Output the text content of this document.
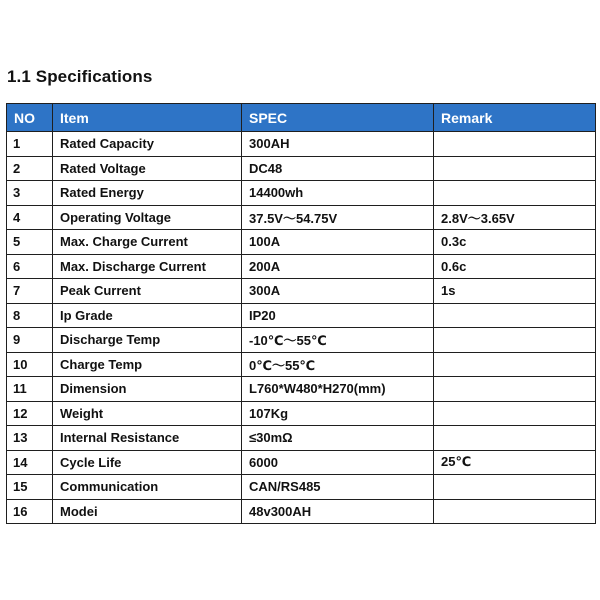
1.1 Specifications
NO	Item	SPEC	Remark
1	Rated Capacity	300AH	
2	Rated Voltage	DC48	
3	Rated Energy	14400wh	
4	Operating Voltage	37.5V〜54.75V	2.8V〜3.65V
5	Max. Charge Current	100A	0.3c
6	Max. Discharge Current	200A	0.6c
7	Peak Current	300A	1s
8	Ip Grade	IP20	
9	Discharge Temp	-10℃〜55℃	
10	Charge Temp	0℃〜55℃	
11	Dimension	L760*W480*H270(mm)	
12	Weight	107Kg	
13	Internal Resistance	≤30mΩ	
14	Cycle Life	6000	25℃
15	Communication	CAN/RS485	
16	Modei	48v300AH	
